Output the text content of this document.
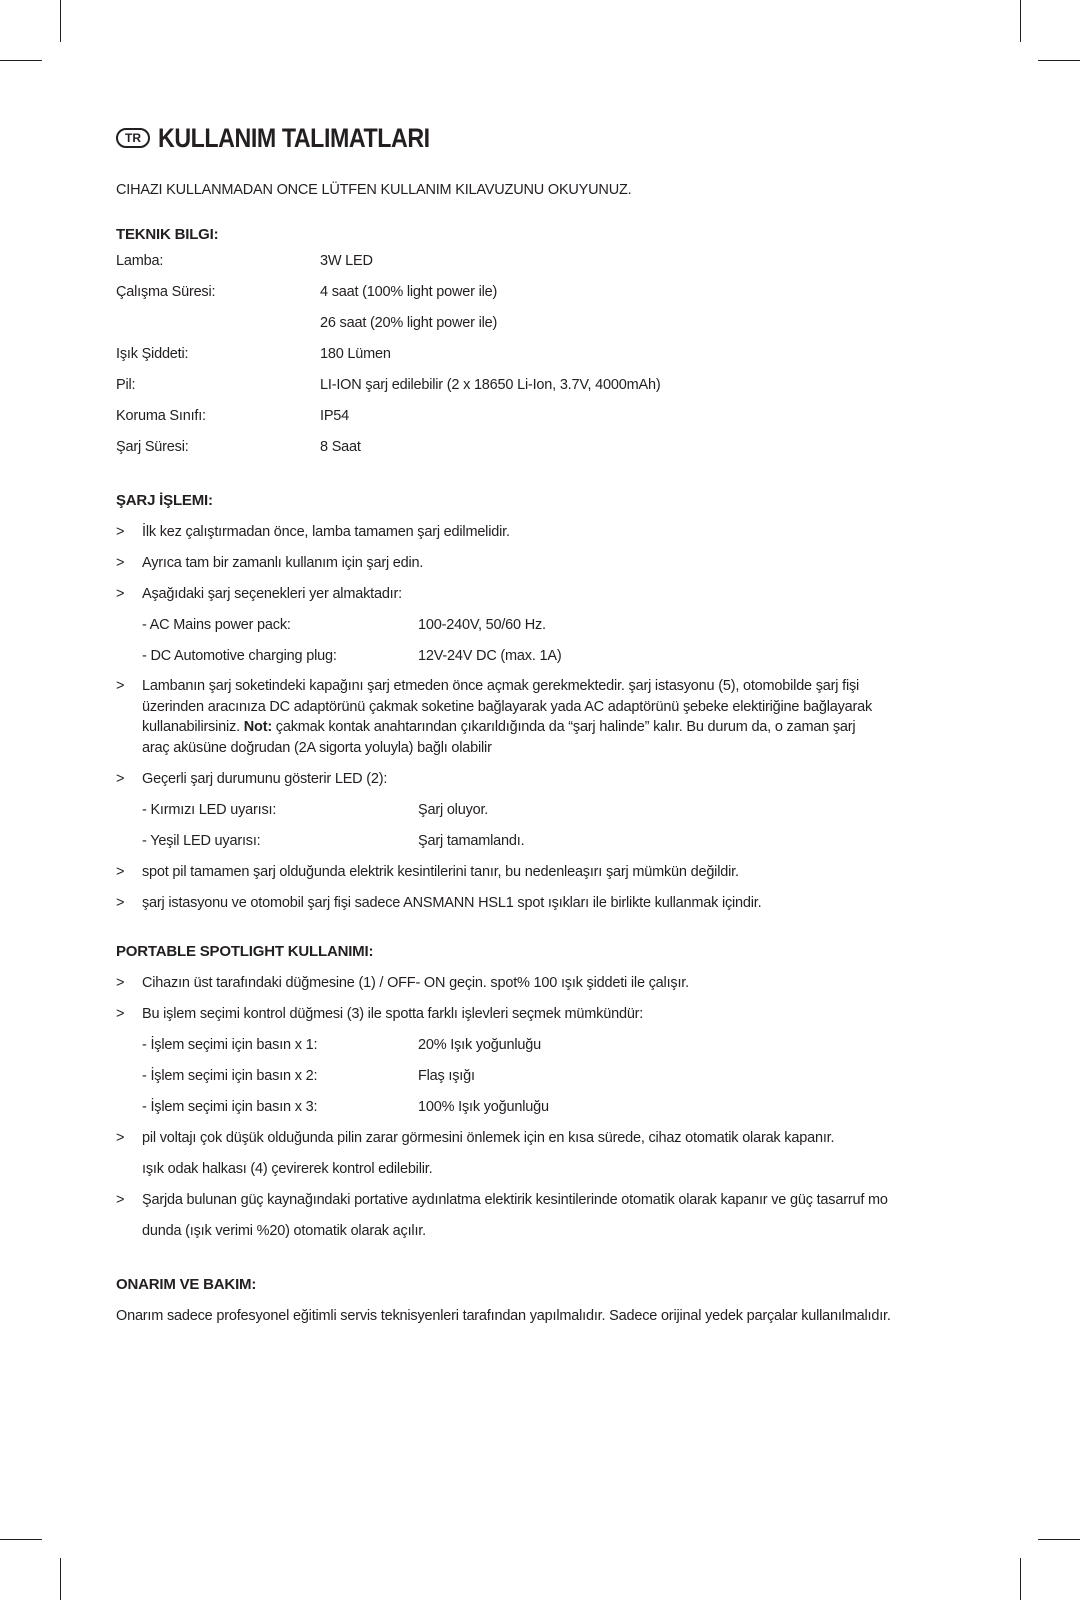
TR KULLANIM TALIMATLARI
CIHAZI KULLANMADAN ONCE LÜTFEN KULLANIM KILAVUZUNU OKUYUNUZ.
TEKNIK BILGI:
Lamba:	3W LED
Çalışma Süresi:	4 saat (100% light power ile)
26 saat (20% light power ile)
Işık Şiddeti:	180 Lümen
Pil:	LI-ION şarj edilebilir (2 x 18650 Li-Ion, 3.7V, 4000mAh)
Koruma Sınıfı:	IP54
Şarj Süresi:	8 Saat
ŞARJ İŞLEMI:
>	İlk kez çalıştırmadan önce, lamba tamamen şarj edilmelidir.
>	Ayrıca tam bir zamanlı kullanım için şarj edin.
>	Aşağıdaki şarj seçenekleri yer almaktadır:
- AC Mains power pack:	100-240V, 50/60 Hz.
- DC Automotive charging plug:	12V-24V DC (max. 1A)
>	Lambanın şarj soketindeki kapağını şarj etmeden önce açmak gerekmektedir. şarj istasyonu (5), otomobilde şarj fişi
üzerinden aracınıza DC adaptörünü çakmak soketine bağlayarak yada AC adaptörünü şebeke elektiriğine bağlayarak
kullanabilirsiniz. Not: çakmak kontak anahtarından çıkarıldığında da “şarj halinde” kalır. Bu durum da, o zaman şarj
araç aküsüne doğrudan (2A sigorta yoluyla) bağlı olabilir
>	Geçerli şarj durumunu gösterir LED (2):
- Kırmızı LED uyarısı:	Şarj oluyor.
- Yeşil LED uyarısı:	Şarj tamamlandı.
>	spot pil tamamen şarj olduğunda elektrik kesintilerini tanır, bu nedenleaşırı şarj mümkün değildir.
>	şarj istasyonu ve otomobil şarj fişi sadece ANSMANN HSL1 spot ışıkları ile birlikte kullanmak içindir.
PORTABLE SPOTLIGHT KULLANIMI:
>	Cihazın üst tarafındaki düğmesine (1) / OFF- ON geçin. spot% 100 ışık şiddeti ile çalışır.
>	Bu işlem seçimi kontrol düğmesi (3) ile spotta farklı işlevleri seçmek mümkündür:
- İşlem seçimi için basın x 1:	20% Işık yoğunluğu
- İşlem seçimi için basın x 2:	Flaş ışığı
- İşlem seçimi için basın x 3:	100% Işık yoğunluğu
>	pil voltajı çok düşük olduğunda pilin zarar görmesini önlemek için en kısa sürede, cihaz otomatik olarak kapanır.
ışık odak halkası (4) çevirerek kontrol edilebilir.
>	Şarjda bulunan güç kaynağındaki portative aydınlatma elektirik kesintilerinde otomatik olarak kapanır ve güç tasarruf mo
dunda (ışık verimi %20) otomatik olarak açılır.
ONARIM VE BAKIM:
Onarım sadece profesyonel eğitimli servis teknisyenleri tarafından yapılmalıdır. Sadece orijinal yedek parçalar kullanılmalıdır.
